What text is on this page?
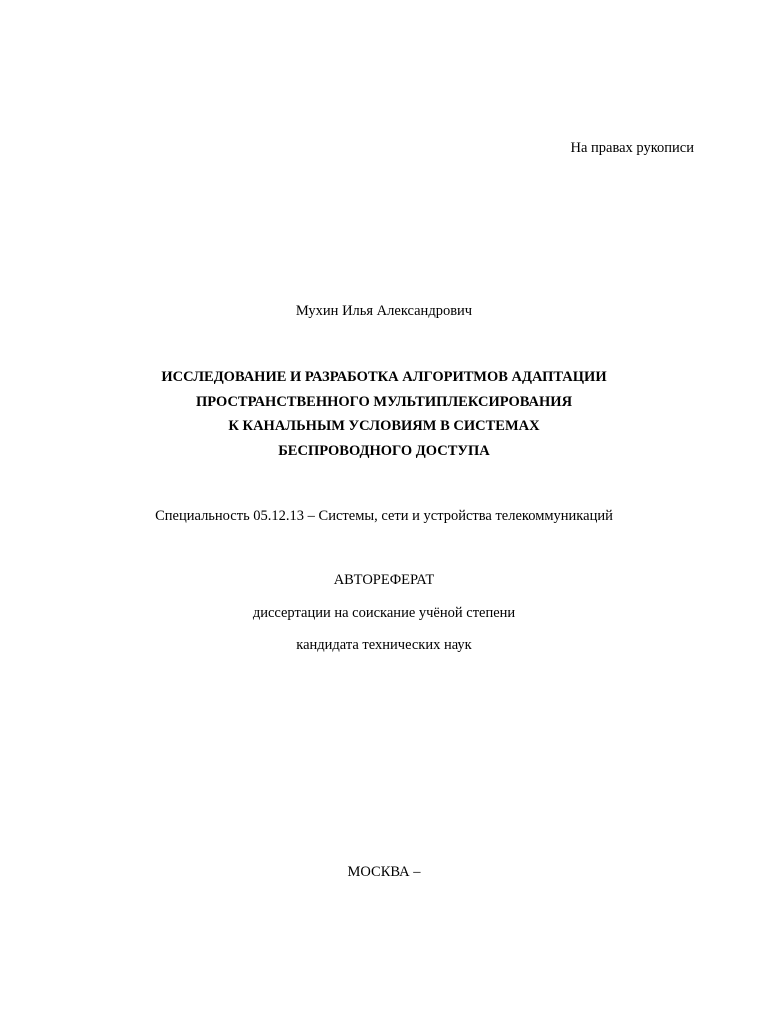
На правах рукописи
Мухин Илья Александрович
ИССЛЕДОВАНИЕ И РАЗРАБОТКА АЛГОРИТМОВ АДАПТАЦИИ
ПРОСТРАНСТВЕННОГО МУЛЬТИПЛЕКСИРОВАНИЯ
К КАНАЛЬНЫМ УСЛОВИЯМ В СИСТЕМАХ
БЕСПРОВОДНОГО ДОСТУПА
Специальность 05.12.13 – Системы, сети и устройства телекоммуникаций
АВТОРЕФЕРАТ
диссертации на соискание учёной степени
кандидата технических наук
МОСКВА –
